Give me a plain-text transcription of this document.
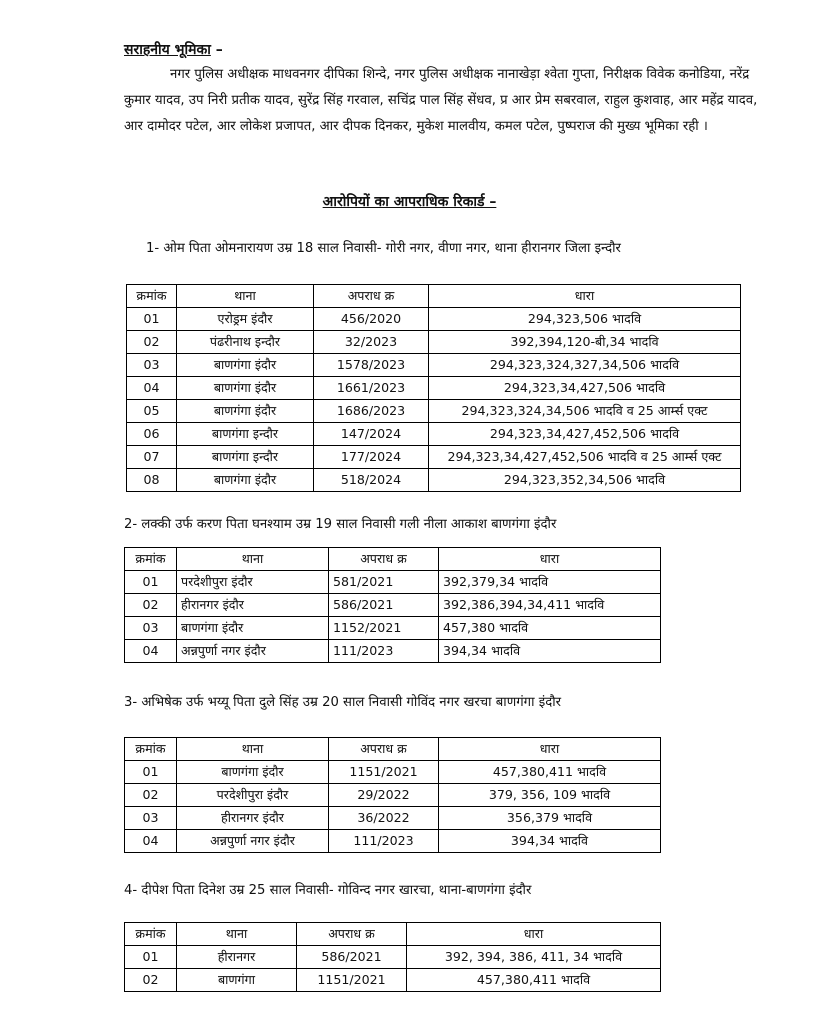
सराहनीय भूमिका –
नगर पुलिस अधीक्षक माधवनगर दीपिका शिन्दे, नगर पुलिस अधीक्षक नानाखेड़ा श्वेता गुप्ता, निरीक्षक विवेक कनोडिया, नरेंद्र कुमार यादव, उप निरी प्रतीक यादव, सुरेंद्र सिंह गरवाल, सचिंद्र पाल सिंह सेंधव, प्र आर प्रेम सबरवाल, राहुल कुशवाह, आर महेंद्र यादव, आर दामोदर पटेल, आर लोकेश प्रजापत, आर दीपक दिनकर, मुकेश मालवीय, कमल पटेल, पुष्पराज की मुख्य भूमिका रही ।
आरोपियों का आपराधिक रिकार्ड –
1- ओम पिता ओमनारायण उम्र 18 साल निवासी- गोरी नगर, वीणा नगर, थाना हीरानगर जिला इन्दौर
क्रमांक	थाना	अपराध क्र	धारा
01	एरोड्रम इंदौर	456/2020	294,323,506 भादवि
02	पंढरीनाथ इन्दौर	32/2023	392,394,120-बी,34 भादवि
03	बाणगंगा इंदौर	1578/2023	294,323,324,327,34,506 भादवि
04	बाणगंगा इंदौर	1661/2023	294,323,34,427,506 भादवि
05	बाणगंगा इंदौर	1686/2023	294,323,324,34,506 भादवि व 25 आर्म्स एक्ट
06	बाणगंगा इन्दौर	147/2024	294,323,34,427,452,506 भादवि
07	बाणगंगा इन्दौर	177/2024	294,323,34,427,452,506 भादवि व 25 आर्म्स एक्ट
08	बाणगंगा इंदौर	518/2024	294,323,352,34,506 भादवि
2- लक्की उर्फ करण पिता घनश्याम उम्र 19 साल निवासी गली नीला आकाश बाणगंगा इंदौर
क्रमांक	थाना	अपराध क्र	धारा
01	परदेशीपुरा इंदौर	581/2021	392,379,34 भादवि
02	हीरानगर इंदौर	586/2021	392,386,394,34,411 भादवि
03	बाणगंगा इंदौर	1152/2021	457,380 भादवि
04	अन्नपुर्णा नगर इंदौर	111/2023	394,34 भादवि
3- अभिषेक उर्फ भय्यू पिता दुले सिंह उम्र 20 साल निवासी गोविंद नगर खरचा बाणगंगा इंदौर
क्रमांक	थाना	अपराध क्र	धारा
01	बाणगंगा इंदौर	1151/2021	457,380,411 भादवि
02	परदेशीपुरा इंदौर	29/2022	379, 356, 109 भादवि
03	हीरानगर इंदौर	36/2022	356,379 भादवि
04	अन्नपुर्णा नगर इंदौर	111/2023	394,34 भादवि
4- दीपेश पिता दिनेश उम्र 25 साल निवासी- गोविन्द नगर खारचा, थाना-बाणगंगा इंदौर
क्रमांक	थाना	अपराध क्र	धारा
01	हीरानगर	586/2021	392, 394, 386, 411, 34 भादवि
02	बाणगंगा	1151/2021	457,380,411 भादवि
